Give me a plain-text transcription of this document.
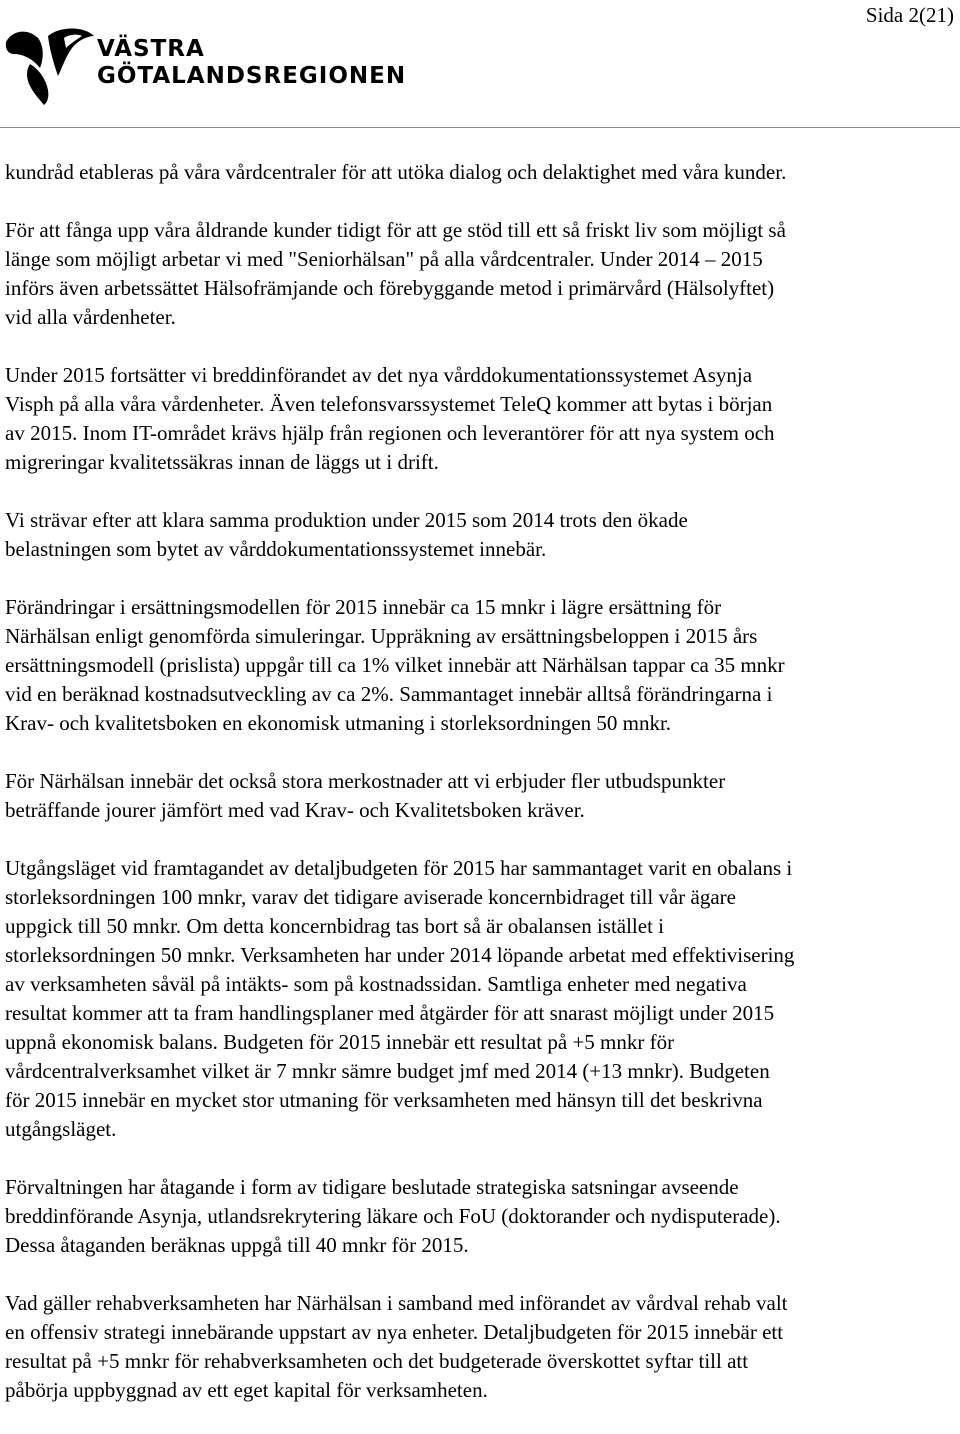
Sida 2(21)
VÄSTRA
GÖTALANDSREGIONEN

kundråd etableras på våra vårdcentraler för att utöka dialog och delaktighet med våra kunder.

För att fånga upp våra åldrande kunder tidigt för att ge stöd till ett så friskt liv som möjligt så
länge som möjligt arbetar vi med "Seniorhälsan" på alla vårdcentraler. Under 2014 – 2015
införs även arbetssättet Hälsofrämjande och förebyggande metod i primärvård (Hälsolyftet)
vid alla vårdenheter.

Under 2015 fortsätter vi breddinförandet av det nya vårddokumentationssystemet Asynja
Visph på alla våra vårdenheter. Även telefonsvarssystemet TeleQ kommer att bytas i början
av 2015. Inom IT-området krävs hjälp från regionen och leverantörer för att nya system och
migreringar kvalitetssäkras innan de läggs ut i drift.

Vi strävar efter att klara samma produktion under 2015 som 2014 trots den ökade
belastningen som bytet av vårddokumentationssystemet innebär.

Förändringar i ersättningsmodellen för 2015 innebär ca 15 mnkr i lägre ersättning för
Närhälsan enligt genomförda simuleringar. Uppräkning av ersättningsbeloppen i 2015 års
ersättningsmodell (prislista) uppgår till ca 1% vilket innebär att Närhälsan tappar ca 35 mnkr
vid en beräknad kostnadsutveckling av ca 2%. Sammantaget innebär alltså förändringarna i
Krav- och kvalitetsboken en ekonomisk utmaning i storleksordningen 50 mnkr.

För Närhälsan innebär det också stora merkostnader att vi erbjuder fler utbudspunkter
beträffande jourer jämfört med vad Krav- och Kvalitetsboken kräver.

Utgångsläget vid framtagandet av detaljbudgeten för 2015 har sammantaget varit en obalans i
storleksordningen 100 mnkr, varav det tidigare aviserade koncernbidraget till vår ägare
uppgick till 50 mnkr. Om detta koncernbidrag tas bort så är obalansen istället i
storleksordningen 50 mnkr. Verksamheten har under 2014 löpande arbetat med effektivisering
av verksamheten såväl på intäkts- som på kostnadssidan. Samtliga enheter med negativa
resultat kommer att ta fram handlingsplaner med åtgärder för att snarast möjligt under 2015
uppnå ekonomisk balans. Budgeten för 2015 innebär ett resultat på +5 mnkr för
vårdcentralverksamhet vilket är 7 mnkr sämre budget jmf med 2014 (+13 mnkr). Budgeten
för 2015 innebär en mycket stor utmaning för verksamheten med hänsyn till det beskrivna
utgångsläget.

Förvaltningen har åtagande i form av tidigare beslutade strategiska satsningar avseende
breddinförande Asynja, utlandsrekrytering läkare och FoU (doktorander och nydisputerade).
Dessa åtaganden beräknas uppgå till 40 mnkr för 2015.

Vad gäller rehabverksamheten har Närhälsan i samband med införandet av vårdval rehab valt
en offensiv strategi innebärande uppstart av nya enheter. Detaljbudgeten för 2015 innebär ett
resultat på +5 mnkr för rehabverksamheten och det budgeterade överskottet syftar till att
påbörja uppbyggnad av ett eget kapital för verksamheten.
